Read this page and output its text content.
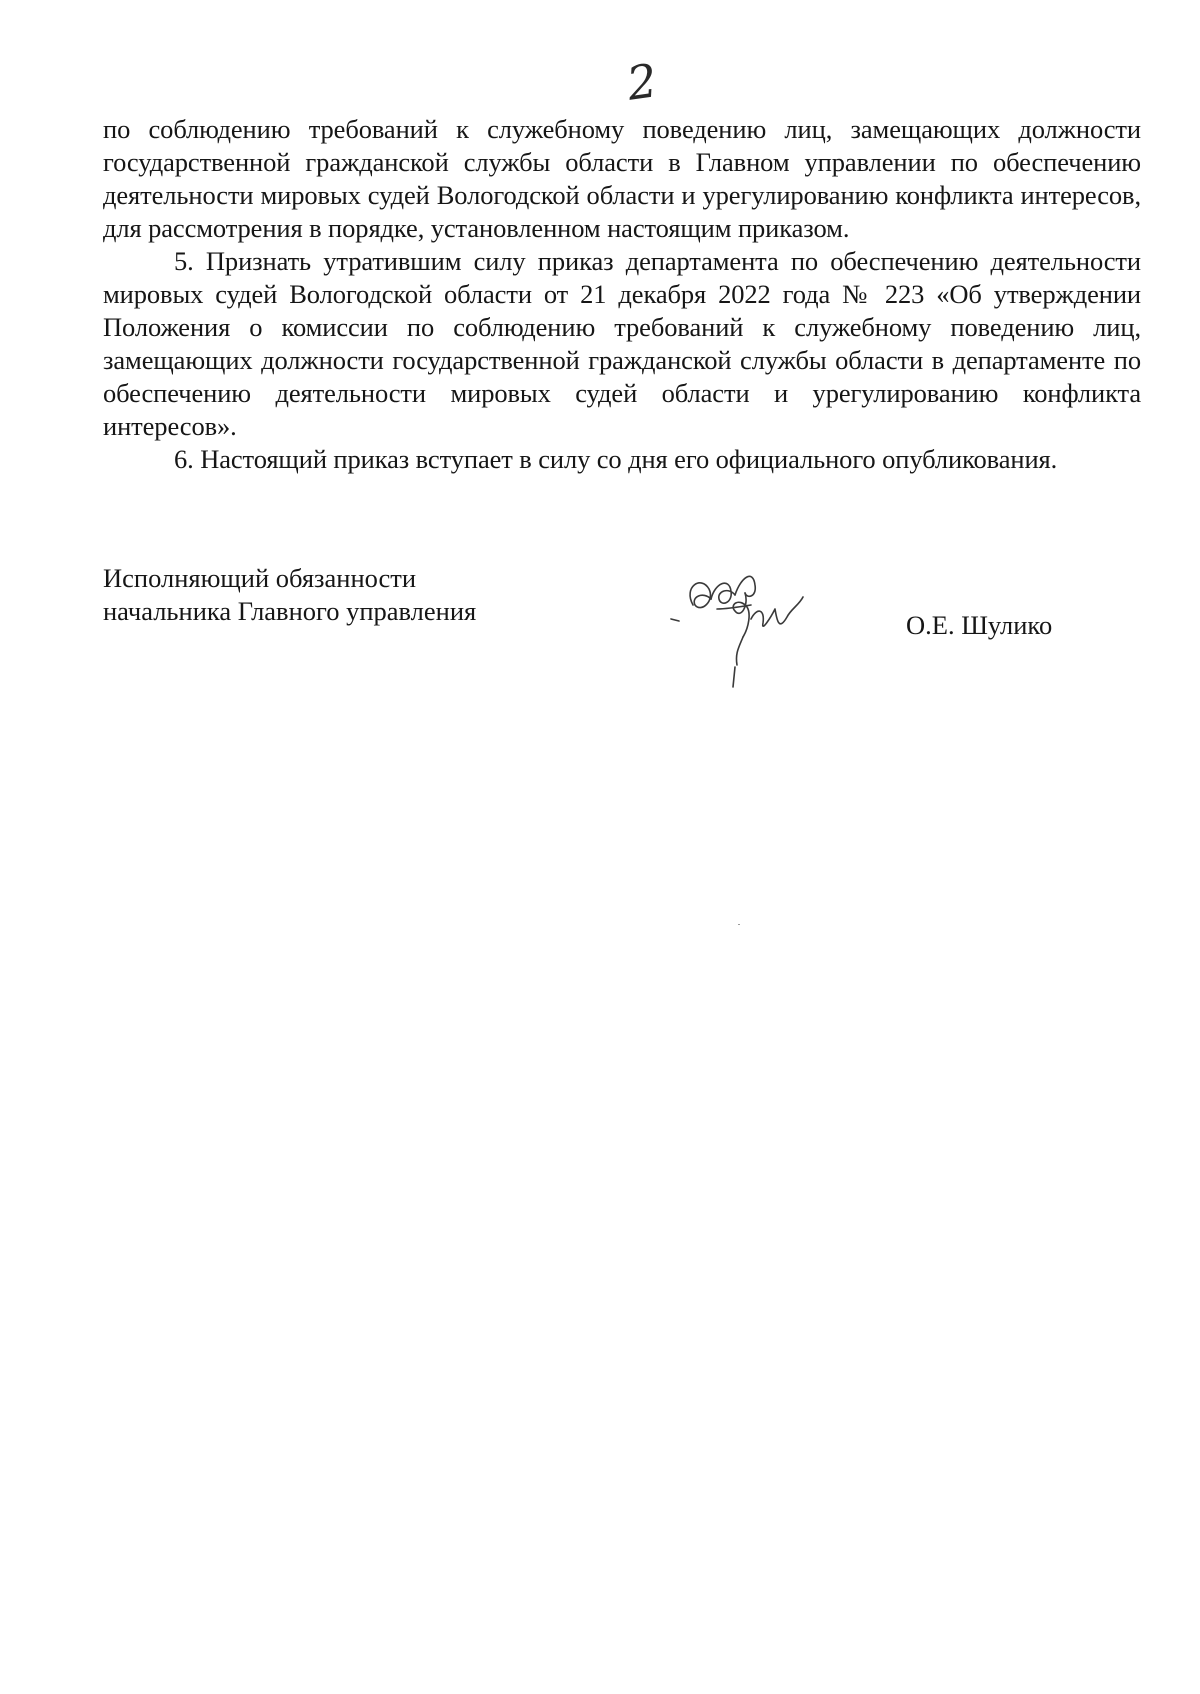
2

по соблюдению требований к служебному поведению лиц, замещающих должности государственной гражданской службы области в Главном управлении по обеспечению деятельности мировых судей Вологодской области и урегулированию конфликта интересов, для рассмотрения в порядке, установленном настоящим приказом.

5. Признать утратившим силу приказ департамента по обеспечению деятельности мировых судей Вологодской области от 21 декабря 2022 года № 223 «Об утверждении Положения о комиссии по соблюдению требований к служебному поведению лиц, замещающих должности государственной гражданской службы области в департаменте по обеспечению деятельности мировых судей области и урегулированию конфликта интересов».

6. Настоящий приказ вступает в силу со дня его официального опубликования.

Исполняющий обязанности
начальника Главного управления	О.Е. Шулико
